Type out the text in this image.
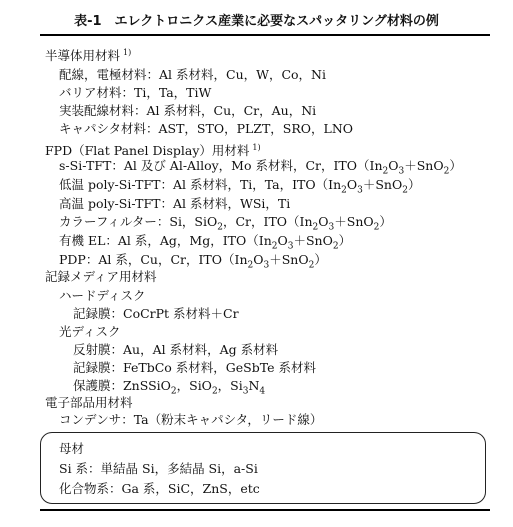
表-1　エレクトロニクス産業に必要なスパッタリング材料の例
半導体用材料 $^{1)}$
配線，電極材料：Al 系材料，Cu，W，Co，Ni
バリア材料：Ti，Ta，TiW
実装配線材料：Al 系材料，Cu，Cr，Au，Ni
キャパシタ材料：AST，STO，PLZT，SRO，LNO
FPD（Flat Panel Display）用材料 $^{1)}$
s-Si-TFT：Al 及び Al-Alloy，Mo 系材料，Cr，$ITO(In_2O_3+SnO_2)$
低温 poly-Si-TFT：Al 系材料，Ti，Ta，$ITO(In_2O_3+SnO_2)$
高温 poly-Si-TFT：Al 系材料，WSi，Ti
カラーフィルター：Si，SiO$_2$，Cr，$ITO(In_2O_3+SnO_2)$
有機 EL：Al 系，Ag，Mg，$ITO(In_2O_3+SnO_2)$
PDP：Al 系，Cu，Cr，$ITO(In_2O_3+SnO_2)$
記録メディア用材料
ハードディスク
記録膜：CoCrPt 系材料＋Cr
光ディスク
反射膜：Au，Al 系材料，Ag 系材料
記録膜：FeTbCo 系材料，GeSbTe 系材料
保護膜：ZnSSiO$_2$，SiO$_2$，$Si_3N_4$
電子部品用材料
コンデンサ：Ta（粉末キャパシタ，リード線）
母材
Si 系：単結晶 Si，多結晶 Si，a-Si
化合物系：Ga 系，SiC，ZnS，etc
